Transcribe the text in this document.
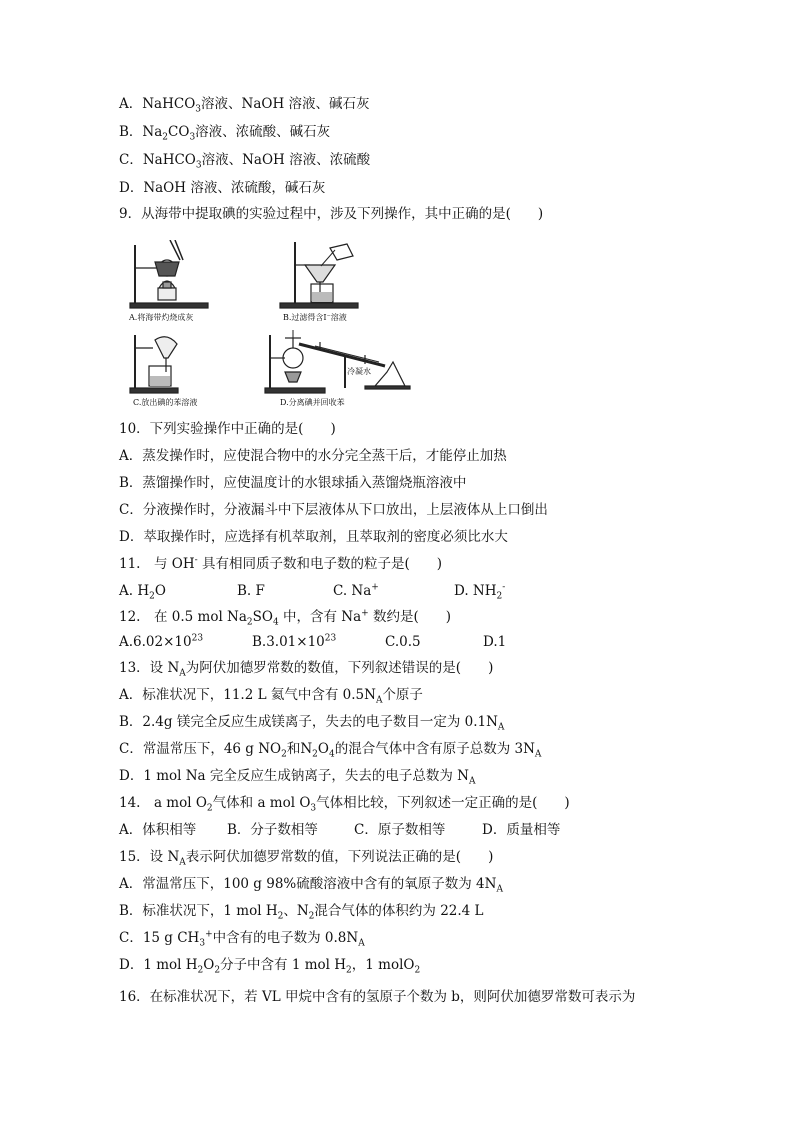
A．NaHCO$_3$溶液、NaOH 溶液、碱石灰
B．$Na_2CO_3$溶液、浓硫酸、碱石灰
C．NaHCO$_3$溶液、NaOH 溶液、浓硫酸
D．NaOH 溶液、浓硫酸，碱石灰
9．从海带中提取碘的实验过程中，涉及下列操作，其中正确的是(　　)
A.将海带灼烧成灰	B.过滤得含I⁻溶液
C.放出碘的苯溶液
冷凝水
D.分离碘并回收苯
10．下列实验操作中正确的是(　　)
A．蒸发操作时，应使混合物中的水分完全蒸干后，才能停止加热
B．蒸馏操作时，应使温度计的水银球插入蒸馏烧瓶溶液中
C．分液操作时，分液漏斗中下层液体从下口放出，上层液体从上口倒出
D．萃取操作时，应选择有机萃取剂，且萃取剂的密度必须比水大
11.　与 OH- 具有相同质子数和电子数的粒子是(　　)
A. $H_2O$	B. F	C. Na+	D. $NH_2^-$
12.　在 0.5 mol $Na_2SO_4$ 中，含有 Na+ 数约是(　　)
$A.6.02\times 10^{23}$	$B.3.01\times 10^{23}$	C.0.5	D.1
13．设 $N_A$为阿伏加德罗常数的数值，下列叙述错误的是(　　)
A．标准状况下，11.2 L 氦气中含有 $0.5N_A$个原子
B．2.4g 镁完全反应生成镁离子，失去的电子数目一定为 $0.1N_A$
C．常温常压下，46 g $NO_2$和$N_2O_4$的混合气体中含有原子总数为 $3N_A$
D．1 mol Na 完全反应生成钠离子，失去的电子总数为 $N_A$
14.　a mol $O_2$气体和 a mol $O_3$气体相比较，下列叙述一定正确的是(　　)
A．体积相等 B．分子数相等	C．原子数相等	D．质量相等
15．设 $N_A$表示阿伏加德罗常数的值，下列说法正确的是(　　)
A．常温常压下，100 g 98%硫酸溶液中含有的氧原子数为 $4N_A$
B．标准状况下，1 mol $H_2$、$N_2$混合气体的体积约为 22.4 L
C．15 g $CH_3^+$中含有的电子数为 $0.8N_A$
D．1 mol $H_2O_2$分子中含有 1 mol $H_2$，1 molO$_2$
16．在标准状况下，若 VL 甲烷中含有的氢原子个数为 b，则阿伏加德罗常数可表示为
